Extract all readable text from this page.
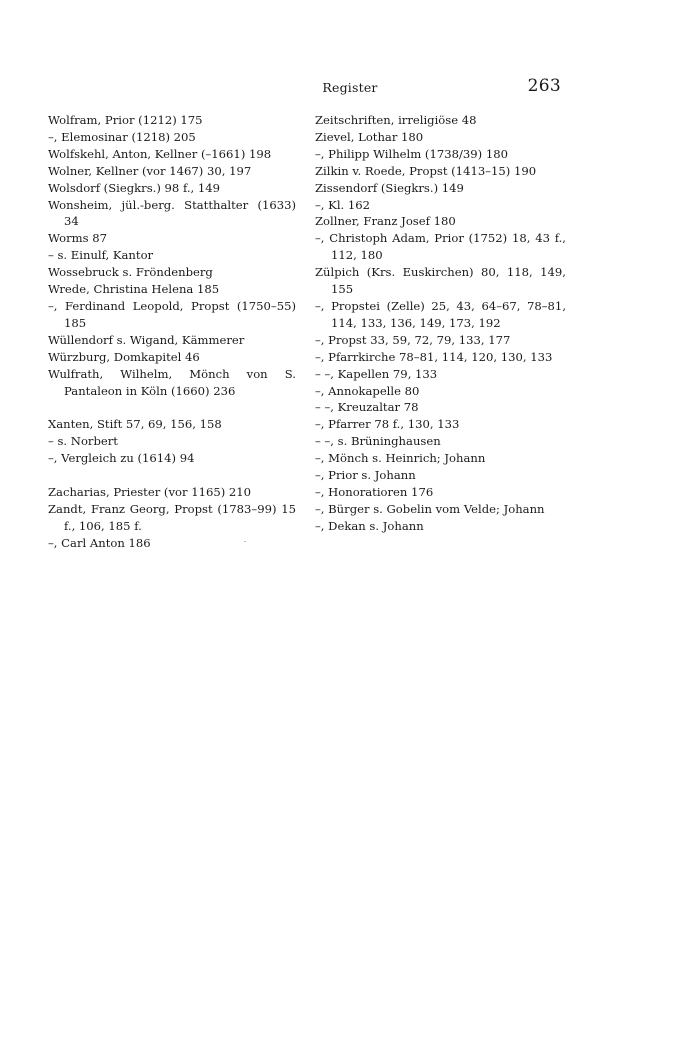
Register	263
Wolfram, Prior (1212) 175
–, Elemosinar (1218) 205
Wolfskehl, Anton, Kellner (–1661) 198
Wolner, Kellner (vor 1467) 30, 197
Wolsdorf (Siegkrs.) 98 f., 149
Wonsheim, jül.-berg. Statthalter (1633) 34
Worms 87
– s. Einulf, Kantor
Wossebruck s. Fröndenberg
Wrede, Christina Helena 185
–, Ferdinand Leopold, Propst (1750–55) 185
Wüllendorf s. Wigand, Kämmerer
Würzburg, Domkapitel 46
Wulfrath, Wilhelm, Mönch von S. Pantaleon in Köln (1660) 236
Xanten, Stift 57, 69, 156, 158
– s. Norbert
–, Vergleich zu (1614) 94
Zacharias, Priester (vor 1165) 210
Zandt, Franz Georg, Propst (1783–99) 15 f., 106, 185 f.
–, Carl Anton 186
Zeitschriften, irreligiöse 48
Zievel, Lothar 180
–, Philipp Wilhelm (1738/39) 180
Zilkin v. Roede, Propst (1413–15) 190
Zissendorf (Siegkrs.) 149
–, Kl. 162
Zollner, Franz Josef 180
–, Christoph Adam, Prior (1752) 18, 43 f., 112, 180
Zülpich (Krs. Euskirchen) 80, 118, 149, 155
–, Propstei (Zelle) 25, 43, 64–67, 78–81, 114, 133, 136, 149, 173, 192
–, Propst 33, 59, 72, 79, 133, 177
–, Pfarrkirche 78–81, 114, 120, 130, 133
– –, Kapellen 79, 133
–, Annokapelle 80
– –, Kreuzaltar 78
–, Pfarrer 78 f., 130, 133
– –, s. Brüninghausen
–, Mönch s. Heinrich; Johann
–, Prior s. Johann
–, Honoratioren 176
–, Bürger s. Gobelin vom Velde; Johann
–, Dekan s. Johann
